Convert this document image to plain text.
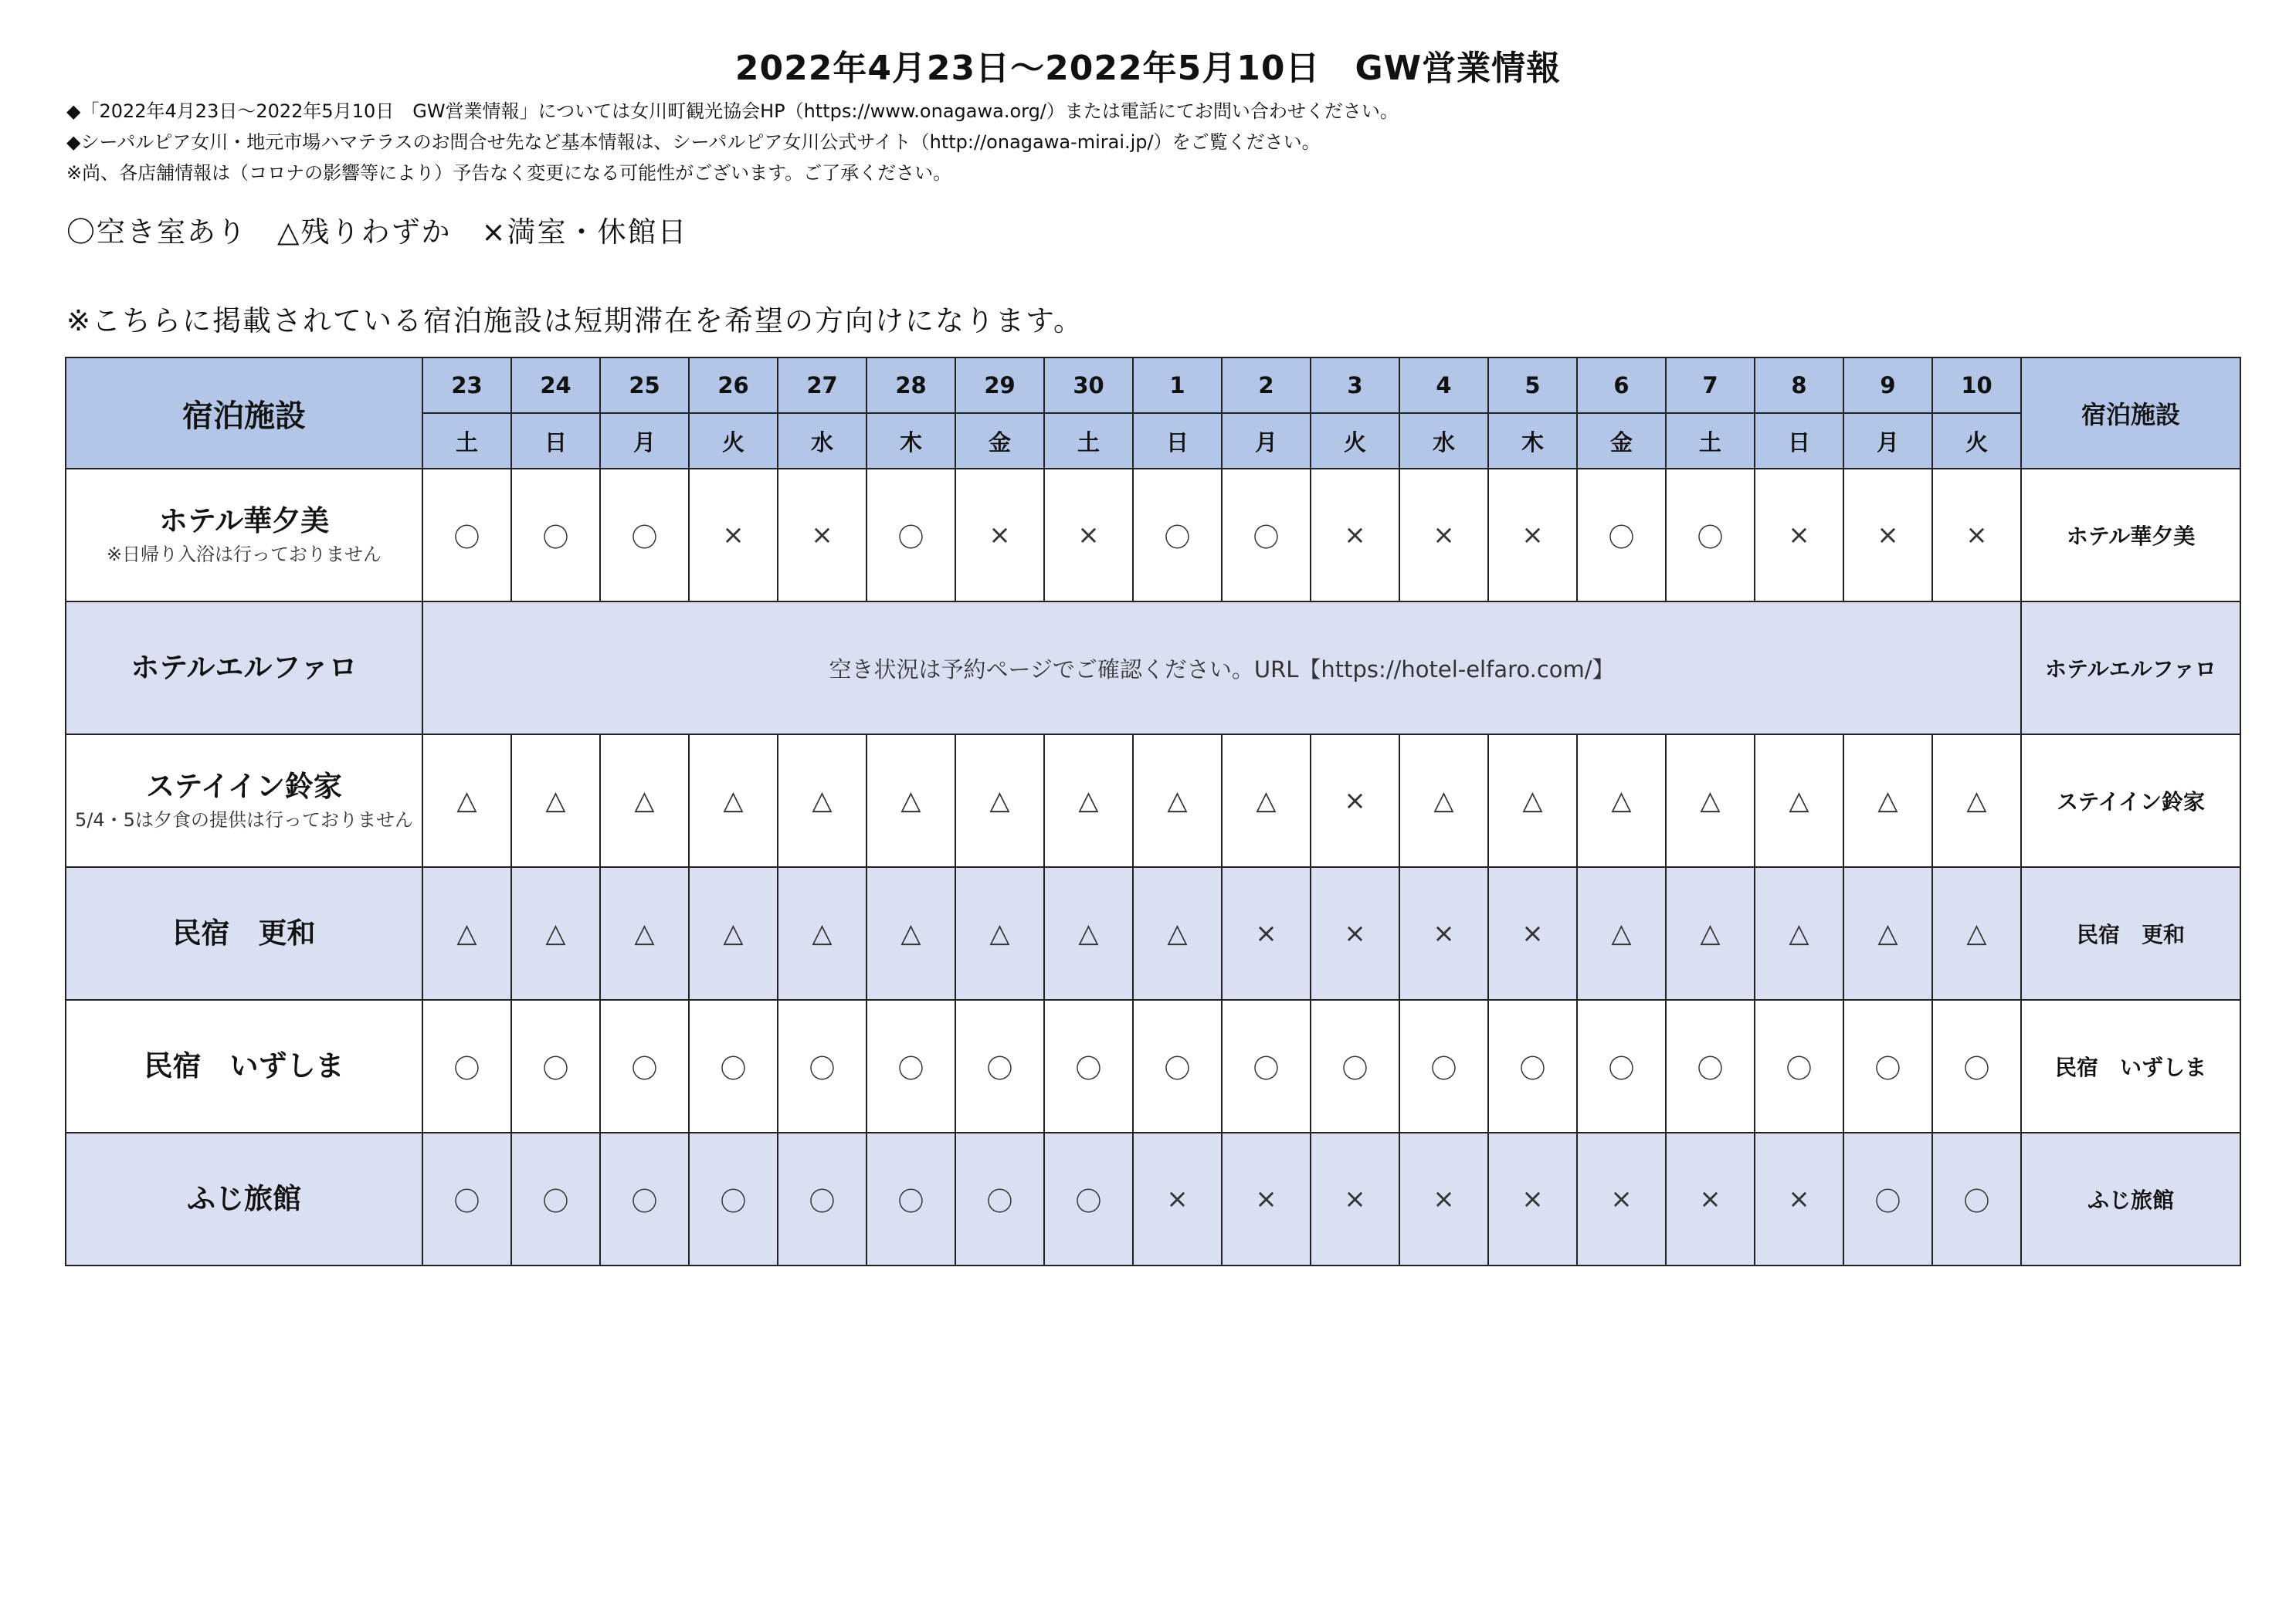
2022年4月23日～2022年5月10日　GW営業情報
◆「2022年4月23日～2022年5月10日　GW営業情報」については女川町観光協会HP（https://www.onagawa.org/）または電話にてお問い合わせください。
◆シーパルピア女川・地元市場ハマテラスのお問合せ先など基本情報は、シーパルピア女川公式サイト（http://onagawa-mirai.jp/）をご覧ください。
※尚、各店舗情報は（コロナの影響等により）予告なく変更になる可能性がございます。ご了承ください。
〇空き室あり　△残りわずか　×満室・休館日
※こちらに掲載されている宿泊施設は短期滞在を希望の方向けになります。
宿泊施設	23	24	25	26	27	28	29	30	1	2	3	4	5	6	7	8	9	10	宿泊施設
	土	日	月	火	水	木	金	土	日	月	火	水	木	金	土	日	月	火	

ホテル華夕美
※日帰り入浴は行っておりません	〇	〇	〇	×	×	〇	×	×	〇	〇	×	×	×	〇	〇	×	×	×	ホテル華夕美

ホテルエルファロ	空き状況は予約ページでご確認ください。URL【https://hotel-elfaro.com/】																		ホテルエルファロ

ステイイン鈴家
5/4・5は夕食の提供は行っておりません	△	△	△	△	△	△	△	△	△	△	×	△	△	△	△	△	△	△	ステイイン鈴家

民宿　更和	△	△	△	△	△	△	△	△	△	×	×	×	×	△	△	△	△	△	民宿　更和

民宿　いずしま	〇	〇	〇	〇	〇	〇	〇	〇	〇	〇	〇	〇	〇	〇	〇	〇	〇	〇	民宿　いずしま

ふじ旅館	〇	〇	〇	〇	〇	〇	〇	〇	×	×	×	×	×	×	×	×	〇	〇	ふじ旅館
